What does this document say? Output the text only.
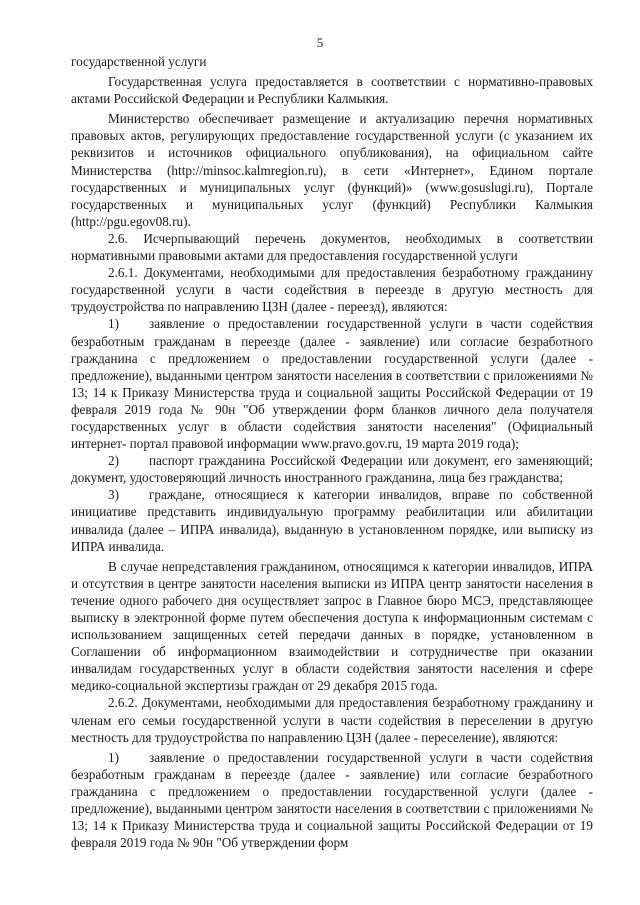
5

государственной услуги

Государственная услуга предоставляется в соответствии с нормативно-правовых актами Российской Федерации и Республики Калмыкия.

Министерство обеспечивает размещение и актуализацию перечня нормативных правовых актов, регулирующих предоставление государственной услуги (с указанием их реквизитов и источников официального опубликования), на официальном сайте Министерства (http://minsoc.kalmregion.ru), в сети «Интернет», Едином портале государственных и муниципальных услуг (функций)» (www.gosuslugi.ru), Портале государственных и муниципальных услуг (функций) Республики Калмыкия (http://pgu.egov08.ru).

2.6. Исчерпывающий перечень документов, необходимых в соответствии нормативными правовыми актами для предоставления государственной услуги

2.6.1. Документами, необходимыми для предоставления безработному гражданину государственной услуги в части содействия в переезде в другую местность для трудоустройства по направлению ЦЗН (далее - переезд), являются:

1) заявление о предоставлении государственной услуги в части содействия безработным гражданам в переезде (далее - заявление) или согласие безработного гражданина с предложением о предоставлении государственной услуги (далее - предложение), выданными центром занятости населения в соответствии с приложениями № 13; 14 к Приказу Министерства труда и социальной защиты Российской Федерации от 19 февраля 2019 года № 90н "Об утверждении форм бланков личного дела получателя государственных услуг в области содействия занятости населения" (Официальный интернет- портал правовой информации www.pravo.gov.ru, 19 марта 2019 года);

2) паспорт гражданина Российской Федерации или документ, его заменяющий; документ, удостоверяющий личность иностранного гражданина, лица без гражданства;

3) граждане, относящиеся к категории инвалидов, вправе по собственной инициативе представить индивидуальную программу реабилитации или абилитации инвалида (далее – ИПРА инвалида), выданную в установленном порядке, или выписку из ИПРА инвалида.

В случае непредставления гражданином, относящимся к категории инвалидов, ИПРА и отсутствия в центре занятости населения выписки из ИПРА центр занятости населения в течение одного рабочего дня осуществляет запрос в Главное бюро МСЭ, представляющее выписку в электронной форме путем обеспечения доступа к информационным системам с использованием защищенных сетей передачи данных в порядке, установленном в Соглашении об информационном взаимодействии и сотрудничестве при оказании инвалидам государственных услуг в области содействия занятости населения и сфере медико-социальной экспертизы граждан от 29 декабря 2015 года.

2.6.2. Документами, необходимыми для предоставления безработному гражданину и членам его семьи государственной услуги в части содействия в переселении в другую местность для трудоустройства по направлению ЦЗН (далее - переселение), являются:

1) заявление о предоставлении государственной услуги в части содействия безработным гражданам в переезде (далее - заявление) или согласие безработного гражданина с предложением о предоставлении государственной услуги (далее - предложение), выданными центром занятости населения в соответствии с приложениями № 13; 14 к Приказу Министерства труда и социальной защиты Российской Федерации от 19 февраля 2019 года № 90н "Об утверждении форм
